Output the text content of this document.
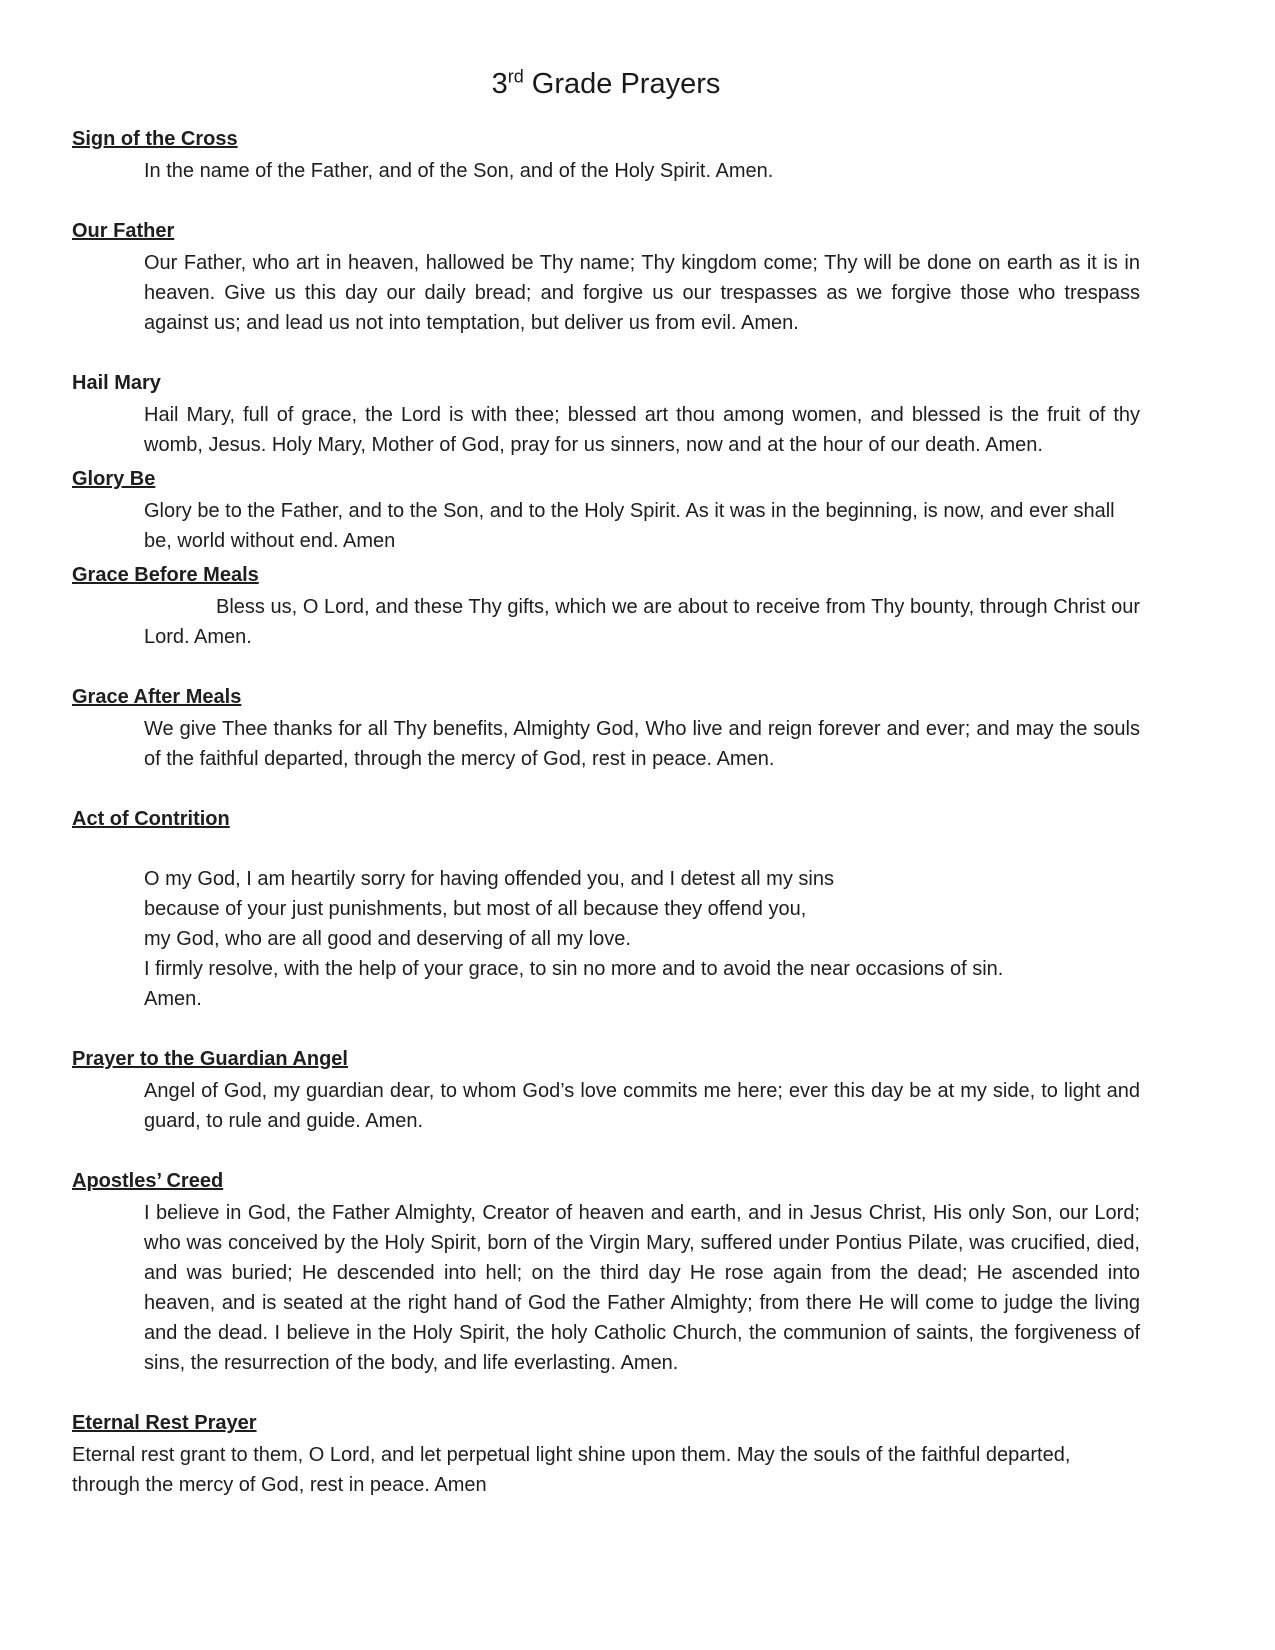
3rd Grade Prayers
Sign of the Cross

In the name of the Father, and of the Son, and of the Holy Spirit. Amen.

Our Father

Our Father, who art in heaven, hallowed be Thy name; Thy kingdom come; Thy will be done on earth as it is in heaven. Give us this day our daily bread; and forgive us our trespasses as we forgive those who trespass against us; and lead us not into temptation, but deliver us from evil. Amen.

Hail Mary

Hail Mary, full of grace, the Lord is with thee; blessed art thou among women, and blessed is the fruit of thy womb, Jesus. Holy Mary, Mother of God, pray for us sinners, now and at the hour of our death. Amen.

Glory Be

Glory be to the Father, and to the Son, and to the Holy Spirit. As it was in the beginning, is now, and ever shall be, world without end. Amen

Grace Before Meals

Bless us, O Lord, and these Thy gifts, which we are about to receive from Thy bounty, through Christ our Lord. Amen.

Grace After Meals

We give Thee thanks for all Thy benefits, Almighty God, Who live and reign forever and ever; and may the souls of the faithful departed, through the mercy of God, rest in peace. Amen.

Act of Contrition

O my God, I am heartily sorry for having offended you, and I detest all my sins

because of your just punishments, but most of all because they offend you,

my God, who are all good and deserving of all my love.

I firmly resolve, with the help of your grace, to sin no more and to avoid the near occasions of sin.

Amen.

Prayer to the Guardian Angel

Angel of God, my guardian dear, to whom God’s love commits me here; ever this day be at my side, to light and guard, to rule and guide. Amen.

Apostles’ Creed

I believe in God, the Father Almighty, Creator of heaven and earth, and in Jesus Christ, His only Son, our Lord; who was conceived by the Holy Spirit, born of the Virgin Mary, suffered under Pontius Pilate, was crucified, died, and was buried; He descended into hell; on the third day He rose again from the dead; He ascended into heaven, and is seated at the right hand of God the Father Almighty; from there He will come to judge the living and the dead. I believe in the Holy Spirit, the holy Catholic Church, the communion of saints, the forgiveness of sins, the resurrection of the body, and life everlasting. Amen.

Eternal Rest Prayer

Eternal rest grant to them, O Lord, and let perpetual light shine upon them. May the souls of the faithful departed, through the mercy of God, rest in peace. Amen
